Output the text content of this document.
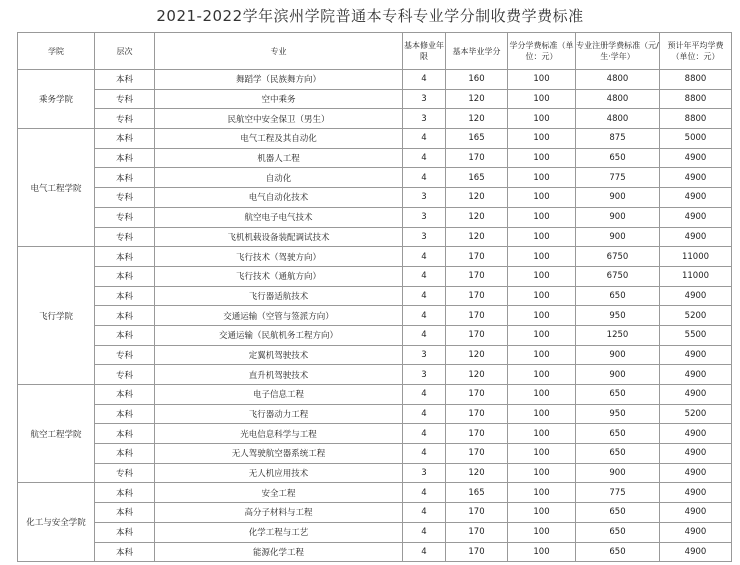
2021-2022学年滨州学院普通本专科专业学分制收费学费标准
学院	层次	专业	基本修业年限	基本毕业学分	学分学费标准（单位：元）	专业注册学费标准（元/生·学年）	预计年平均学费（单位：元）
乘务学院	本科	舞蹈学（民族舞方向）	4	160	100	4800	8800
	专科	空中乘务	3	120	100	4800	8800
	专科	民航空中安全保卫（男生）	3	120	100	4800	8800
电气工程学院	本科	电气工程及其自动化	4	165	100	875	5000
	本科	机器人工程	4	170	100	650	4900
	本科	自动化	4	165	100	775	4900
	专科	电气自动化技术	3	120	100	900	4900
	专科	航空电子电气技术	3	120	100	900	4900
	专科	飞机机载设备装配调试技术	3	120	100	900	4900
飞行学院	本科	飞行技术（驾驶方向）	4	170	100	6750	11000
	本科	飞行技术（通航方向）	4	170	100	6750	11000
	本科	飞行器适航技术	4	170	100	650	4900
	本科	交通运输（空管与签派方向）	4	170	100	950	5200
	本科	交通运输（民航机务工程方向）	4	170	100	1250	5500
	专科	定翼机驾驶技术	3	120	100	900	4900
	专科	直升机驾驶技术	3	120	100	900	4900
航空工程学院	本科	电子信息工程	4	170	100	650	4900
	本科	飞行器动力工程	4	170	100	950	5200
	本科	光电信息科学与工程	4	170	100	650	4900
	本科	无人驾驶航空器系统工程	4	170	100	650	4900
	专科	无人机应用技术	3	120	100	900	4900
化工与安全学院	本科	安全工程	4	165	100	775	4900
	本科	高分子材料与工程	4	170	100	650	4900
	本科	化学工程与工艺	4	170	100	650	4900
	本科	能源化学工程	4	170	100	650	4900
